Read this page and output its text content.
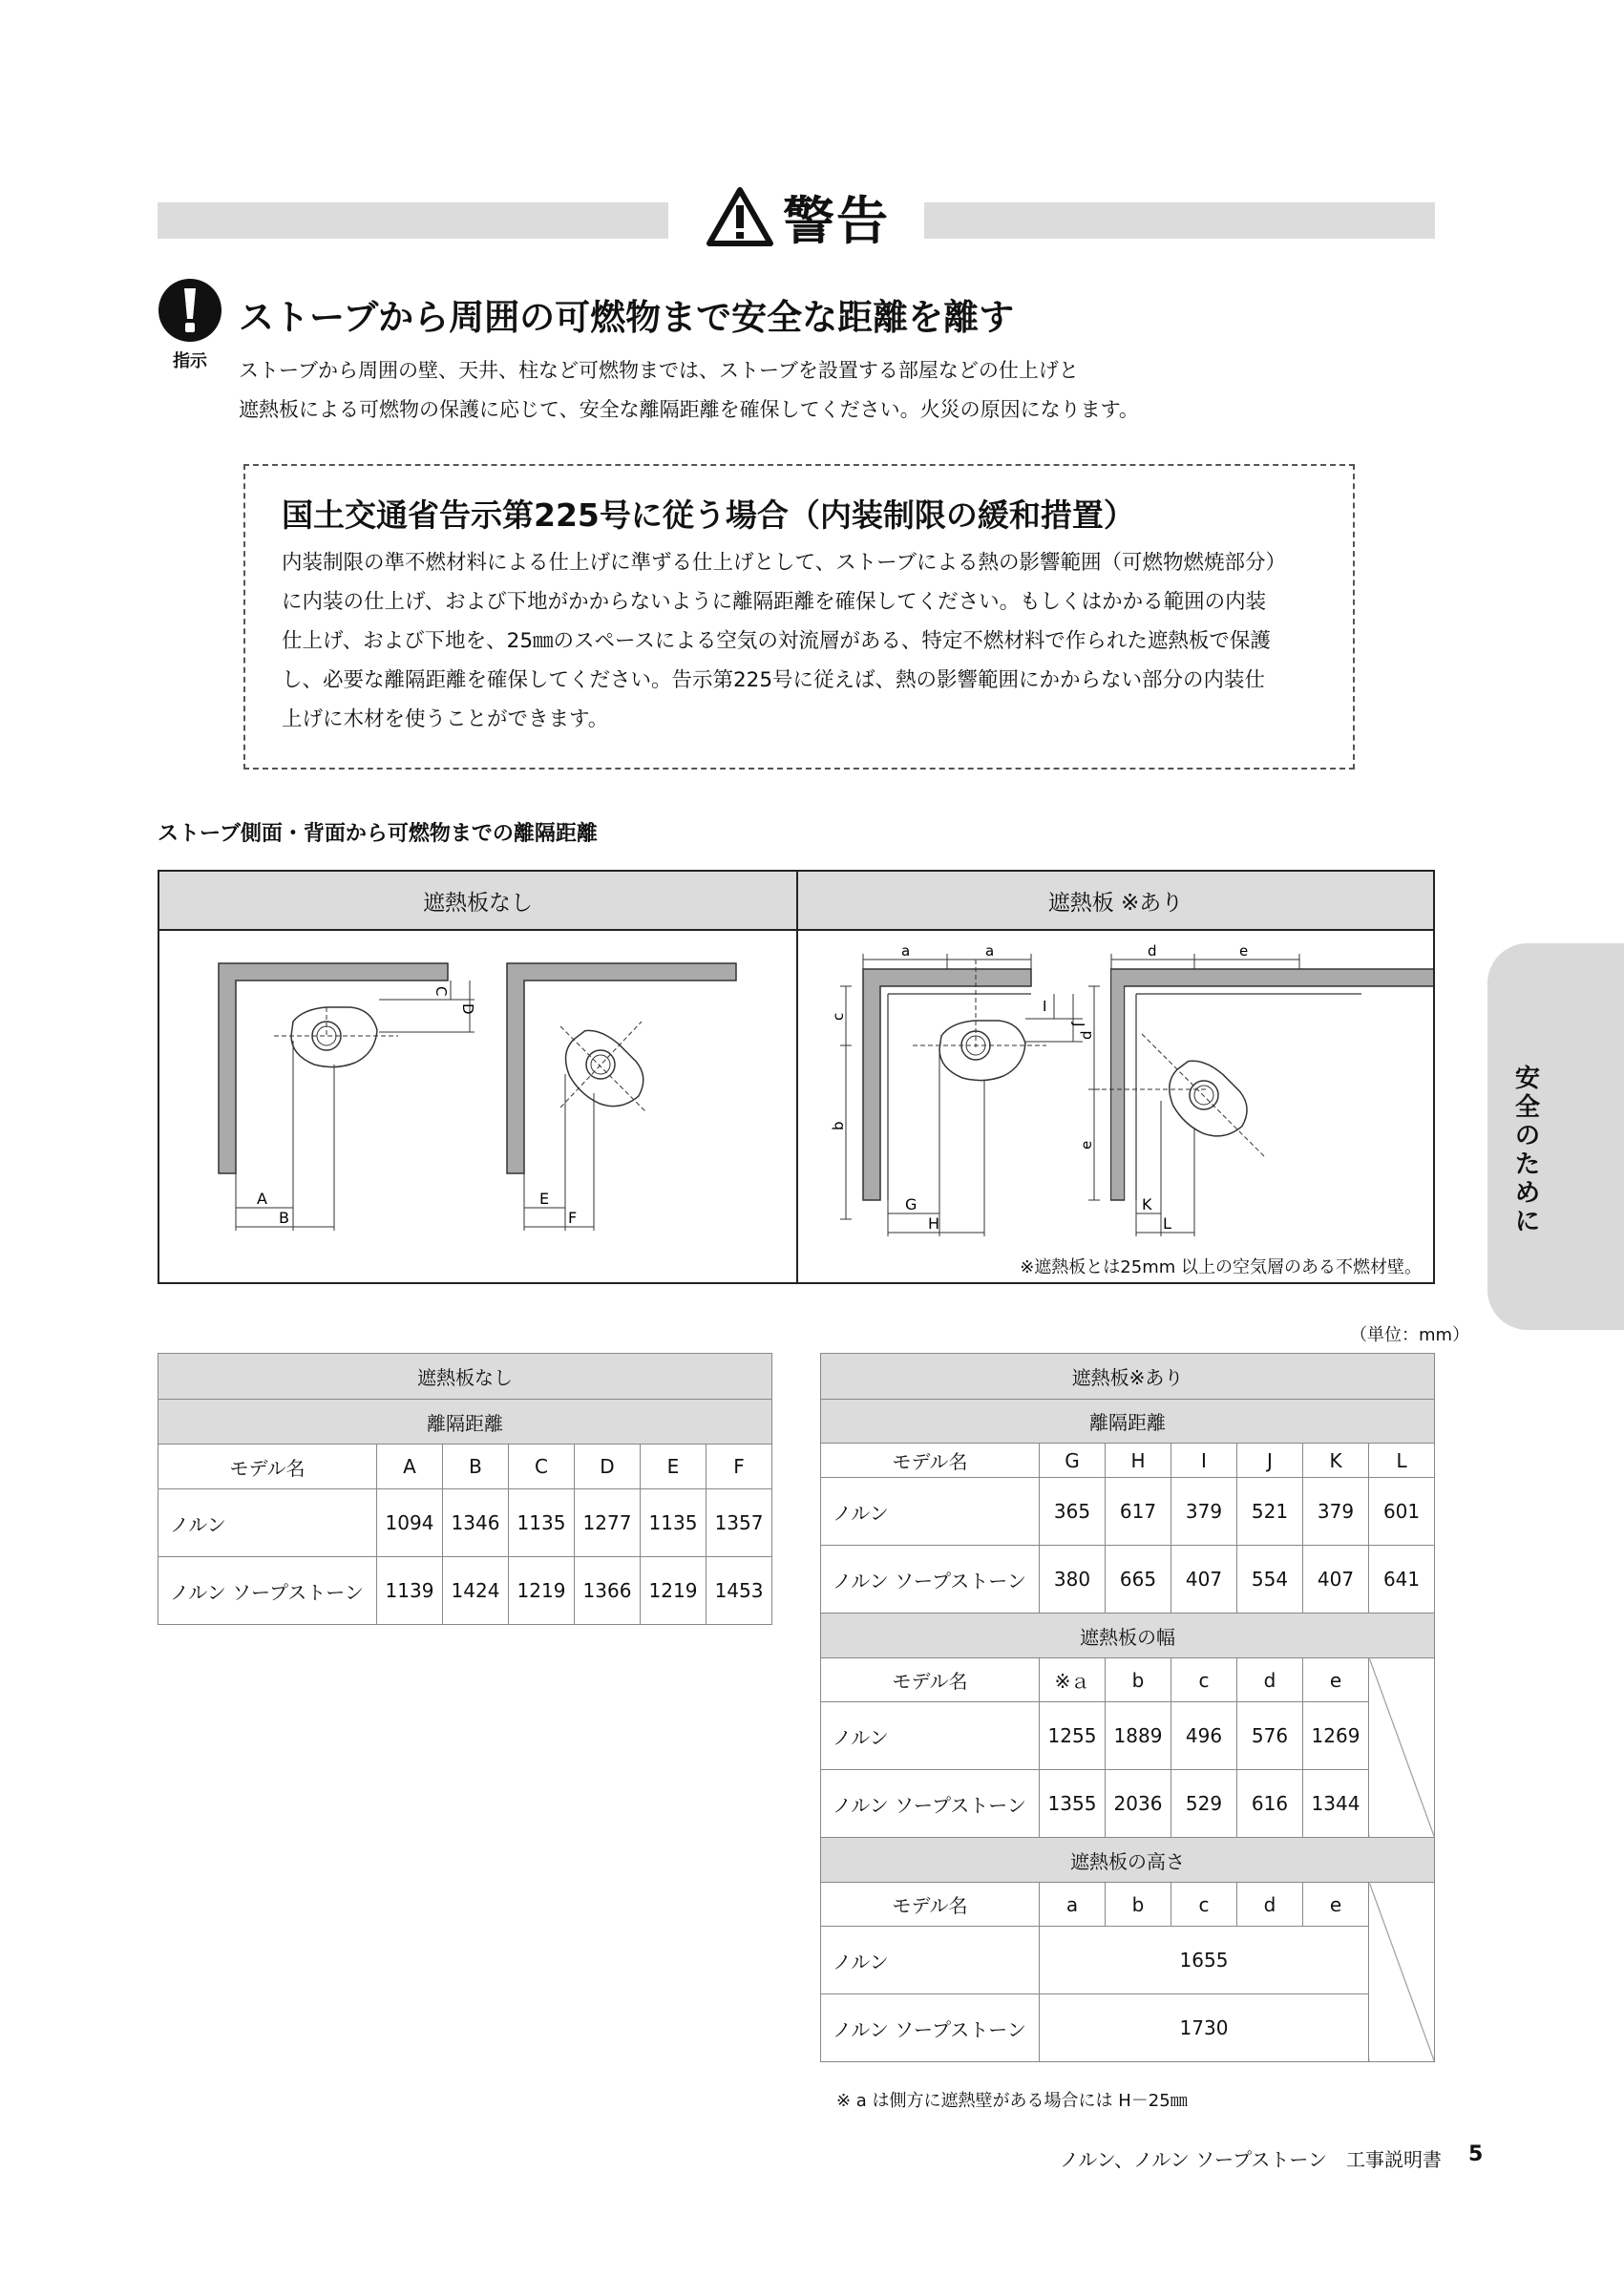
警告
指示
ストーブから周囲の可燃物まで安全な距離を離す
ストーブから周囲の壁、天井、柱など可燃物までは、ストーブを設置する部屋などの仕上げと
遮熱板による可燃物の保護に応じて、安全な離隔距離を確保してください。火災の原因になります。
国土交通省告示第225号に従う場合（内装制限の緩和措置）
内装制限の準不燃材料による仕上げに準ずる仕上げとして、ストーブによる熱の影響範囲（可燃物燃焼部分）
に内装の仕上げ、および下地がかからないように離隔距離を確保してください。もしくはかかる範囲の内装
仕上げ、および下地を、25㎜のスペースによる空気の対流層がある、特定不燃材料で作られた遮熱板で保護
し、必要な離隔距離を確保してください。告示第225号に従えば、熱の影響範囲にかからない部分の内装仕
上げに木材を使うことができます。
ストーブ側面・背面から可燃物までの離隔距離
遮熱板なし	遮熱板 ※あり
C
D
A
B
E
F
a	a
c
b
I
J
G
H
d	e
d
e
K
L
※遮熱板とは25mm 以上の空気層のある不燃材壁。
（単位：mm）
遮熱板なし						
離隔距離						
モデル名	A	B	C	D	E	F
ノルン	1094	1346	1135	1277	1135	1357
ノルン ソープストーン	1139	1424	1219	1366	1219	1453
遮熱板※あり						
離隔距離						
モデル名	G	H	I	J	K	L
ノルン	365	617	379	521	379	601
ノルン ソープストーン	380	665	407	554	407	641
遮熱板の幅						
モデル名	※ａ	b	c	d	e	
ノルン	1255	1889	496	576	1269	
ノルン ソープストーン	1355	2036	529	616	1344	
遮熱板の高さ						
モデル名	a	b	c	d	e	
ノルン	1655					
ノルン ソープストーン	1730					
※ a は側方に遮熱壁がある場合には H－25㎜
安全のために
ノルン、ノルン ソープストーン　工事説明書 5
